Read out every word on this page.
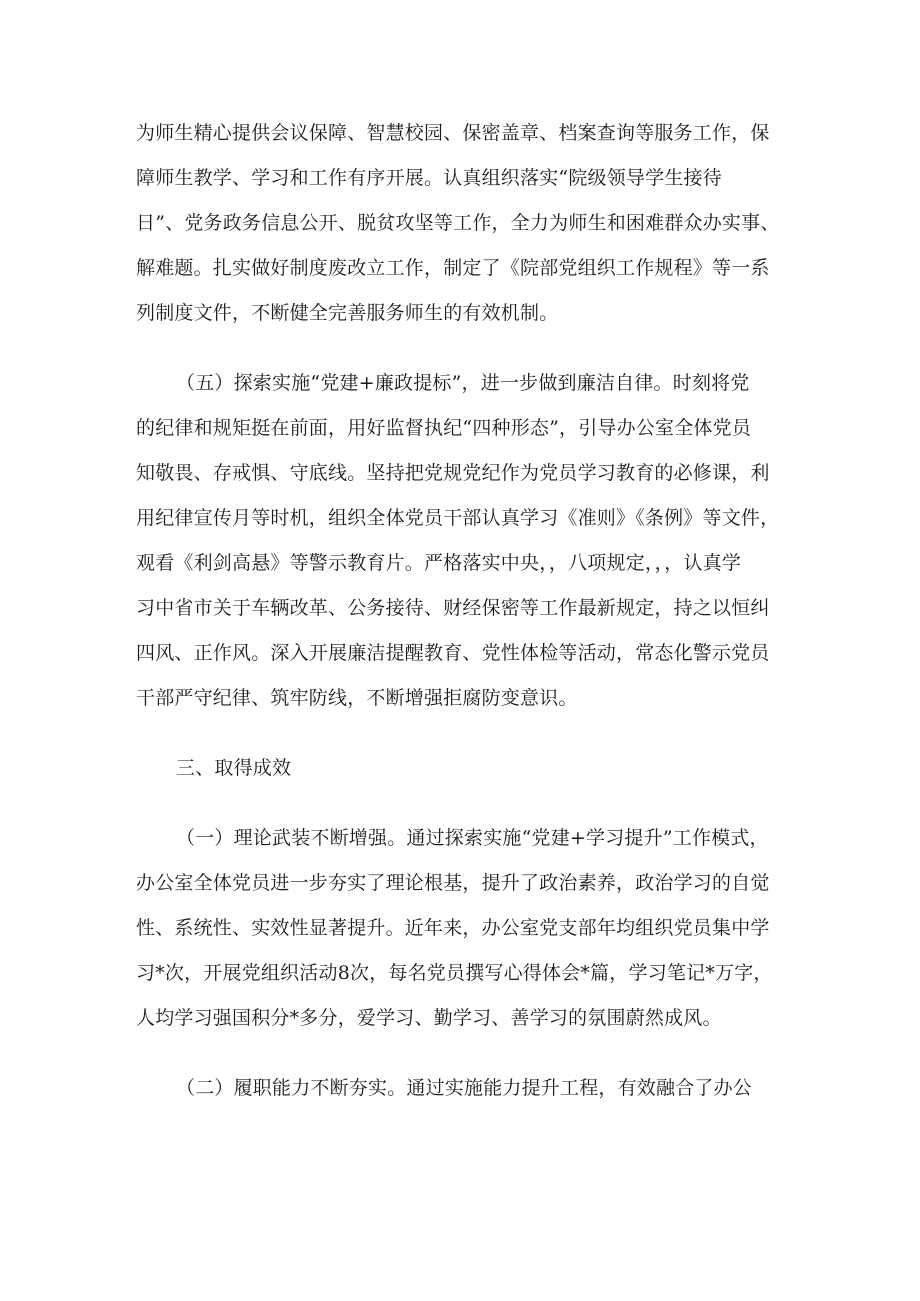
为师生精心提供会议保障、智慧校园、保密盖章、档案查询等服务工作，保
障师生教学、学习和工作有序开展。认真组织落实“院级领导学生接待
日”、党务政务信息公开、脱贫攻坚等工作，全力为师生和困难群众办实事、
解难题。扎实做好制度废改立工作，制定了《院部党组织工作规程》等一系
列制度文件，不断健全完善服务师生的有效机制。
（五）探索实施“党建+廉政提标”，进一步做到廉洁自律。时刻将党
的纪律和规矩挺在前面，用好监督执纪“四种形态”，引导办公室全体党员
知敬畏、存戒惧、守底线。坚持把党规党纪作为党员学习教育的必修课，利
用纪律宣传月等时机，组织全体党员干部认真学习《准则》《条例》等文件，
观看《利剑高悬》等警示教育片。严格落实中央，，八项规定，，，认真学
习中省市关于车辆改革、公务接待、财经保密等工作最新规定，持之以恒纠
四风、正作风。深入开展廉洁提醒教育、党性体检等活动，常态化警示党员
干部严守纪律、筑牢防线，不断增强拒腐防变意识。
三、取得成效
（一）理论武装不断增强。通过探索实施“党建+学习提升”工作模式，
办公室全体党员进一步夯实了理论根基，提升了政治素养，政治学习的自觉
性、系统性、实效性显著提升。近年来，办公室党支部年均组织党员集中学
习*次，开展党组织活动8次，每名党员撰写心得体会*篇，学习笔记*万字，
人均学习强国积分*多分，爱学习、勤学习、善学习的氛围蔚然成风。
（二）履职能力不断夯实。通过实施能力提升工程，有效融合了办公
